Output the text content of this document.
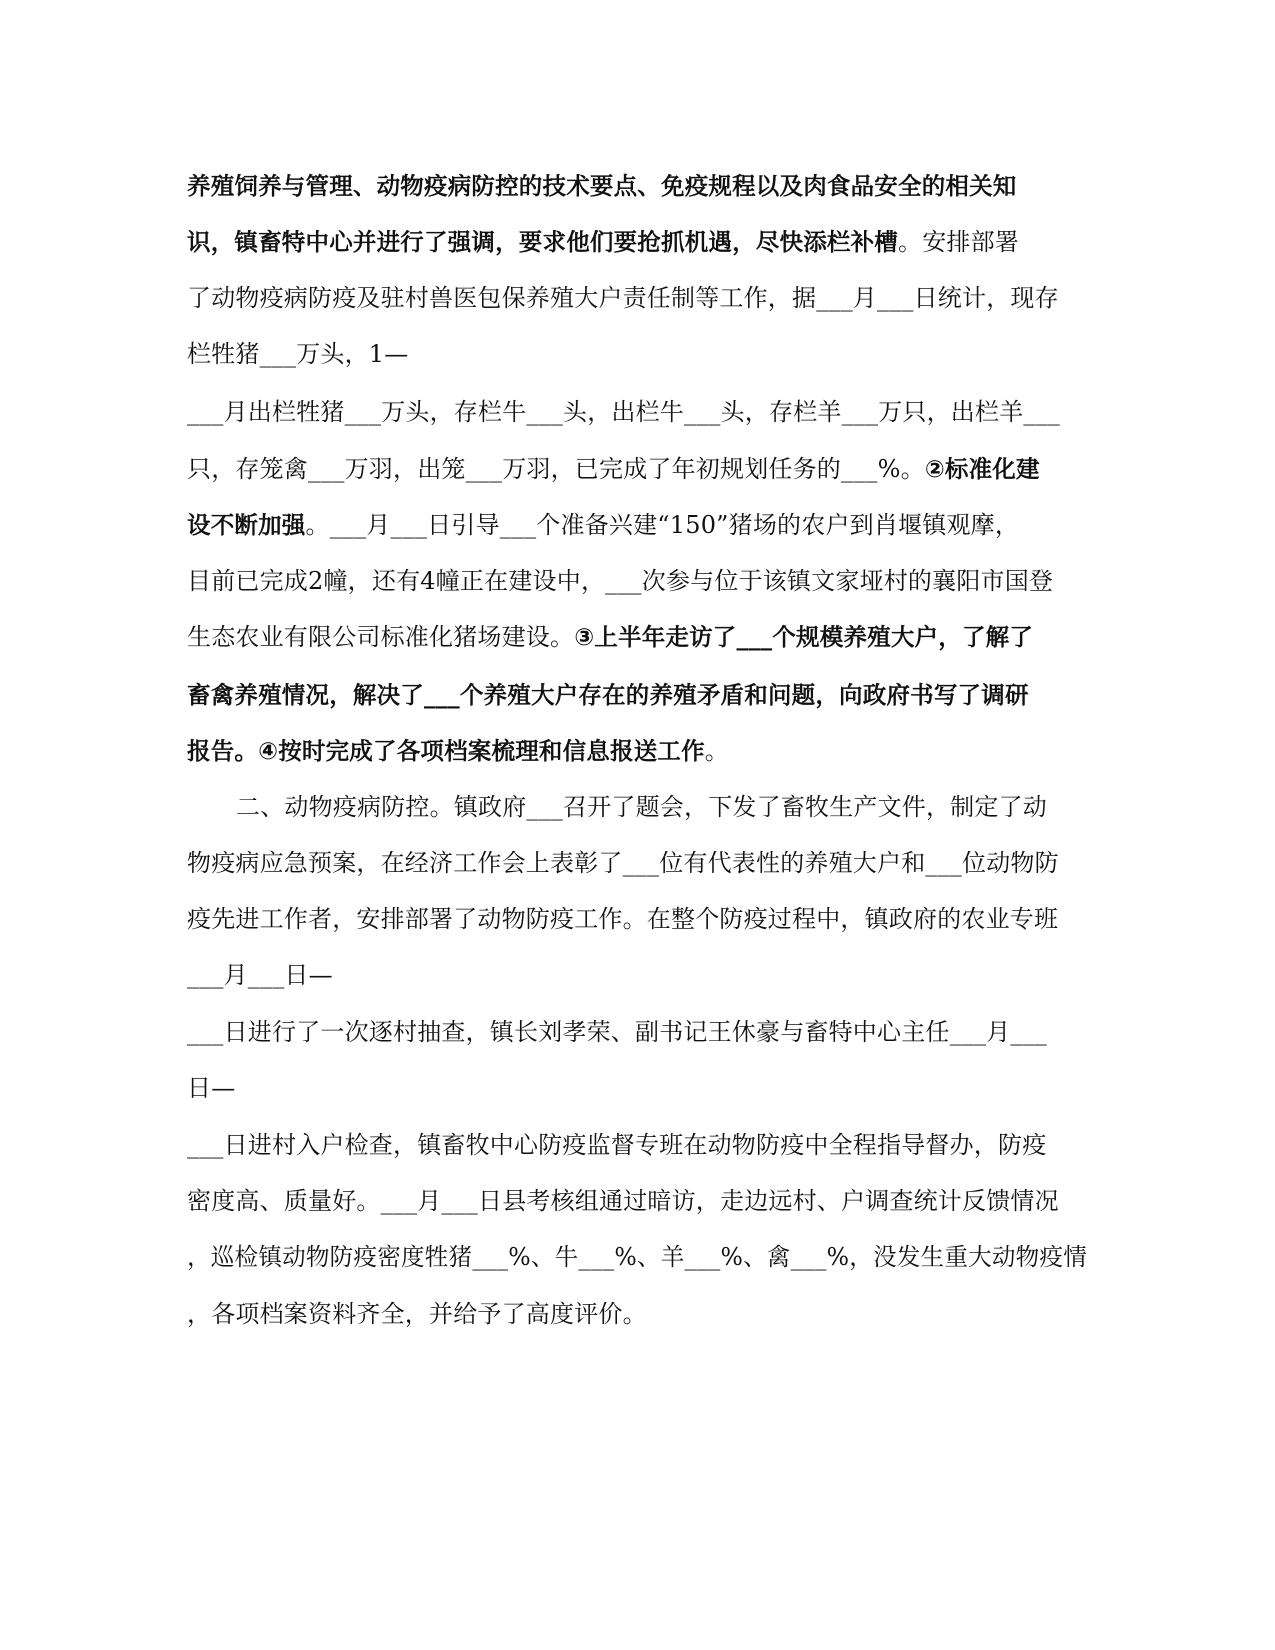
养殖饲养与管理、动物疫病防控的技术要点、免疫规程以及肉食品安全的相关知
识，镇畜特中心并进行了强调，要求他们要抢抓机遇，尽快添栏补槽。安排部署
了动物疫病防疫及驻村兽医包保养殖大户责任制等工作，据___月___日统计，现存
栏牲猪___万头，1—
___月出栏牲猪___万头，存栏牛___头，出栏牛___头，存栏羊___万只，出栏羊___
只，存笼禽___万羽，出笼___万羽，已完成了年初规划任务的___%。②标准化建
设不断加强。___月___日引导___个准备兴建“150”猪场的农户到肖堰镇观摩，
目前已完成2幢，还有4幢正在建设中，___次参与位于该镇文家垭村的襄阳市国登
生态农业有限公司标准化猪场建设。③上半年走访了___个规模养殖大户，了解了
畜禽养殖情况，解决了___个养殖大户存在的养殖矛盾和问题，向政府书写了调研
报告。④按时完成了各项档案梳理和信息报送工作。
二、动物疫病防控。镇政府___召开了题会，下发了畜牧生产文件，制定了动
物疫病应急预案，在经济工作会上表彰了___位有代表性的养殖大户和___位动物防
疫先进工作者，安排部署了动物防疫工作。在整个防疫过程中，镇政府的农业专班
___月___日—
___日进行了一次逐村抽查，镇长刘孝荣、副书记王休豪与畜特中心主任___月___
日—
___日进村入户检查，镇畜牧中心防疫监督专班在动物防疫中全程指导督办，防疫
密度高、质量好。___月___日县考核组通过暗访，走边远村、户调查统计反馈情况
，巡检镇动物防疫密度牲猪___%、牛___%、羊___%、禽___%，没发生重大动物疫情
，各项档案资料齐全，并给予了高度评价。
